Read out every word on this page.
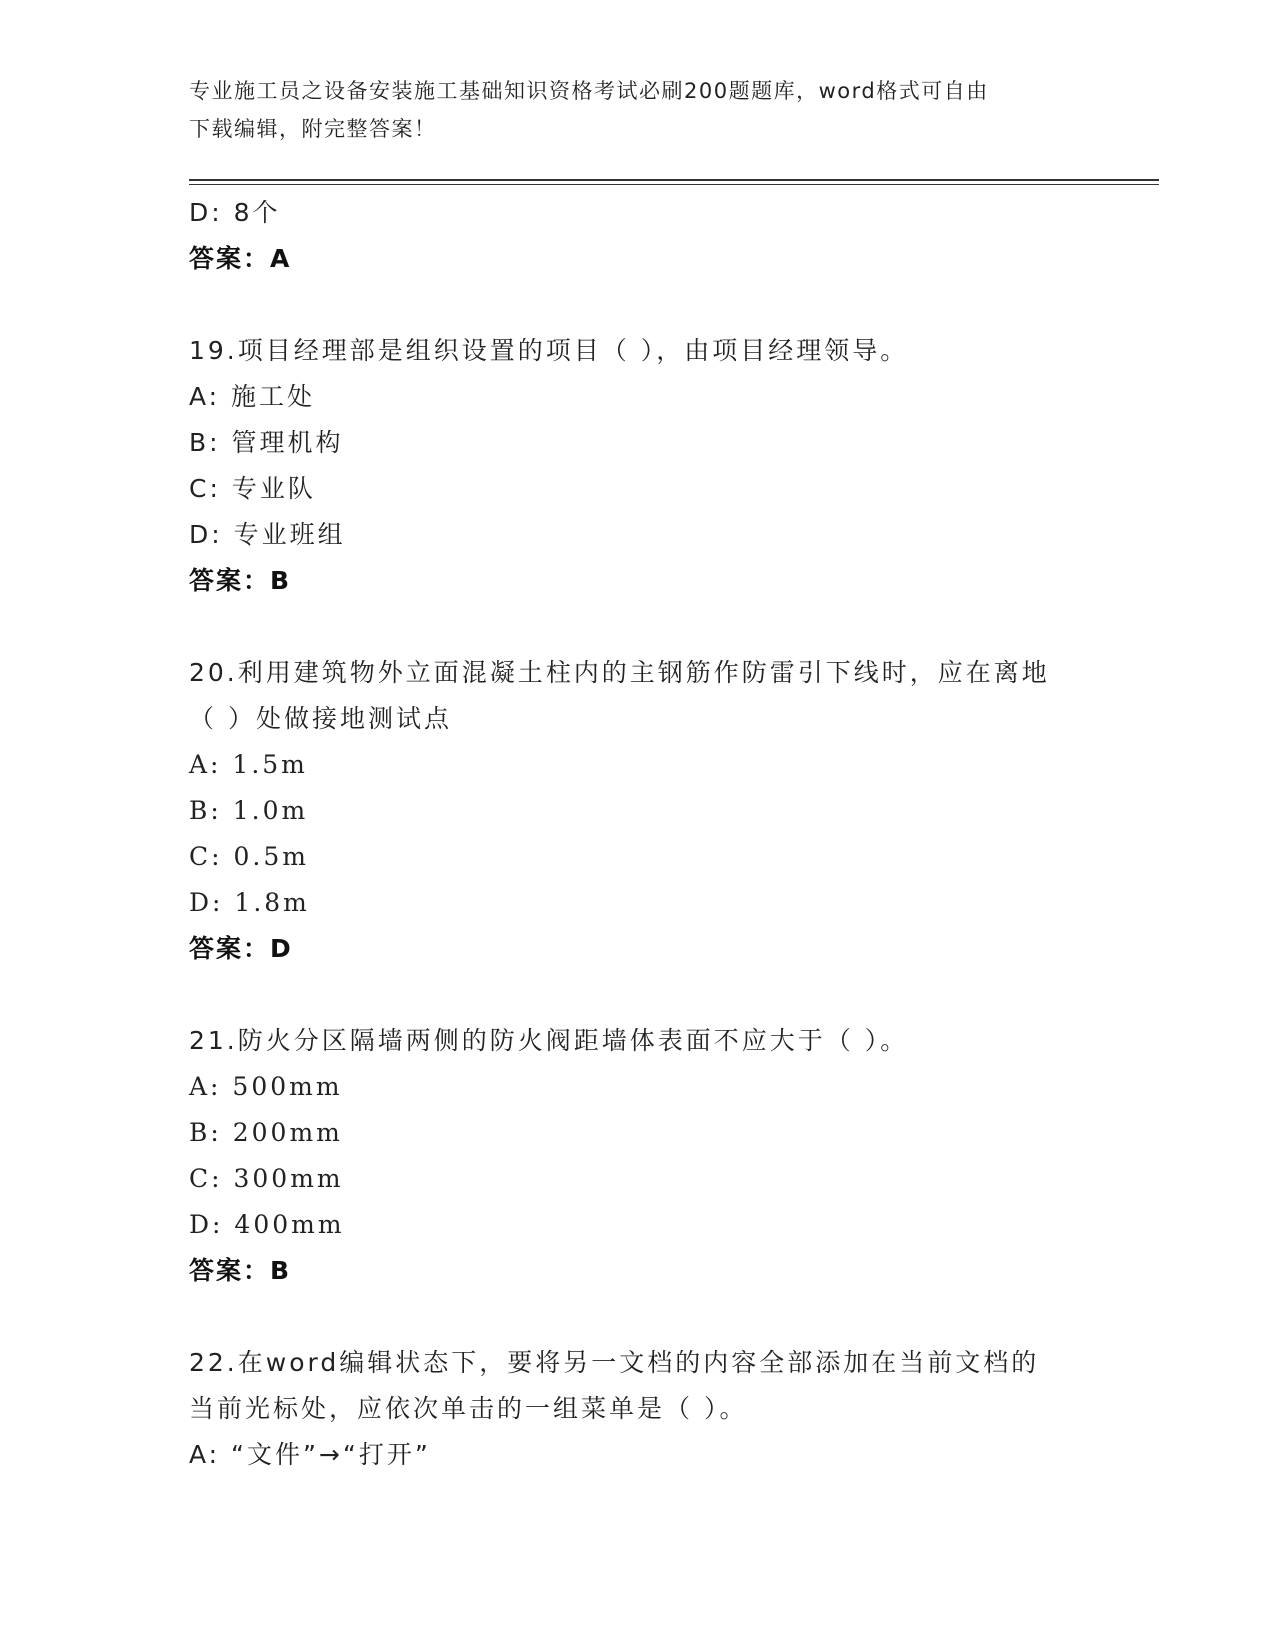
专业施工员之设备安装施工基础知识资格考试必刷200题题库，word格式可自由
下载编辑，附完整答案！
D: 8个
答案：A
19.项目经理部是组织设置的项目（ ），由项目经理领导。
A: 施工处
B: 管理机构
C: 专业队
D: 专业班组
答案：B
20.利用建筑物外立面混凝土柱内的主钢筋作防雷引下线时，应在离地
（ ）处做接地测试点
A: 1.5m
B: 1.0m
C: 0.5m
D: 1.8m
答案：D
21.防火分区隔墙两侧的防火阀距墙体表面不应大于（ ）。
A: 500mm
B: 200mm
C: 300mm
D: 400mm
答案：B
22.在word编辑状态下，要将另一文档的内容全部添加在当前文档的
当前光标处，应依次单击的一组菜单是（ ）。
A: “文件”→“打开”
